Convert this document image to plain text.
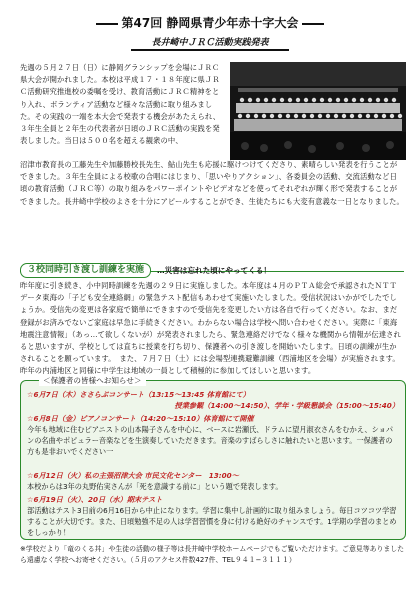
第47回 静岡県青少年赤十字大会
長井崎中ＪＲＣ活動実践発表
先週の５月２７日（日）に静岡グランシップを会場にＪＲＣ県大会が開かれました。本校は平成１７・１８年度に県ＪＲＣ活動研究推進校の委嘱を受け、教育活動にＪＲＣ精神をとり入れ、ボランティア活動など様々な活動に取り組みました。その実践の一端を本大会で発表する機会があたえられ、３年生全員と２年生の代表者が日頃のＪＲＣ活動の実践を発表しました。当日は５００名を超える観衆の中、
沼津市教育長の工藤先生や加藤勝校長先生、鮎山先生も応援に駆けつけてくださり、素晴らしい発表を行うことができました。３年生全員による校歌の合唱にはじまり、「思いやりアクション」、各委員会の活動、交流活動など日頃の教育活動（ＪＲＣ等）の取り組みをパワーポイントやビデオなどを使ってそれぞれが輝く形で発表することができました。長井崎中学校のよさを十分にアピールすることができ、生徒たちにも大変有意義な一日となりました。
３校同時引き渡し訓練を実施	…災害は忘れた頃にやってくる！
昨年度に引き続き、小中同時訓練を先週の２９日に実施しました。本年度は４月のＰＴＡ総会で承認されたＮＴＴデータ東海の「子ども安全連絡網」の緊急テスト配信もあわせて実施いたしました。受信状況はいかがでしたでしょうか。受信先の変更は各家庭で簡単にできますので受信先を変更したい方は各自で行ってください。なお、まだ登録がお済みでないご家庭は早急に手続きください。わからない場合は学校へ問い合わせください。実際に「東海地震注意情報」（あっ…て欲しくないが）が発表されましたら、緊急連絡だけでなく様々な機関から情報が伝達されると思いますが、学校としては直ちに授業を打ち切り、保護者への引き渡しを開始いたします。日頃の訓練が生かされることを願っています。　また、７月７日（土）には会場型連携避難訓練（西浦地区を会場）が実施されます。昨年の内浦地区と同様に中学生は地域の一員として積極的に参加してほしいと思います。
＜保護者の皆様へお知らせ＞
☆6月7日（木）ささらぶコンサート（13:15〜13:45 体育館にて）
授業参観（14:00〜14:50）、学年・学級懇談会（15:00〜15:40）
☆6月8日（金）ピアノコンサート（14:20〜15:10）体育館にて開催
今年も地域に住むピアニストの山本陽子さんを中心に、ベースに岩瀬氏、ドラムに望月淑衣さんをむかえ、ショパンの名曲やポピュラー音楽などを生演奏していただきます。音楽のすばらしさに触れたいと思います。一保護者の方も是非おいでください一
☆6月12日（火）私の主張沼津大会 市民文化センター　13:00〜
本校からは3年の丸野佑実さんが「死を意識する前に」という題で発表します。
☆6月19日（火）、20日（水）期末テスト
部活動はテスト3日前の6月16日から中止になります。学習に集中し計画的に取り組みましょう。毎日コツコツ学習することが大切です。また、日頃勉強不足の人は学習習慣を身に付ける絶好のチャンスです。1学期の学習のまとめをしっかり！
※学校だより「竜のくる丼」や生徒の活動の様子等は長井崎中学校ホームページでもご覧いただけます。ご意見等ありましたら遠慮なく学校へお寄せください。（５月のアクセス件数427件、TEL９４１−３１１１）
